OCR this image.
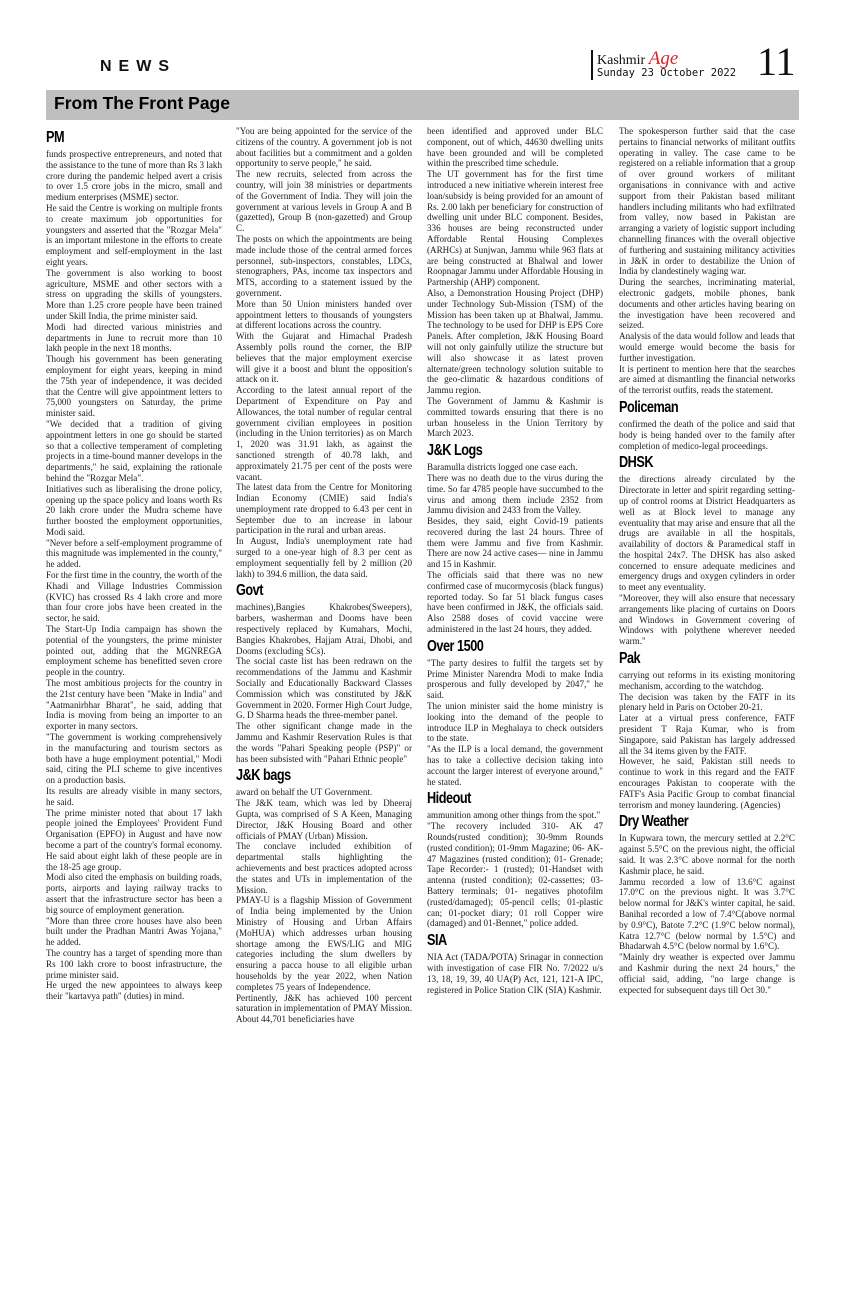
NEWS	Kashmir Age
Sunday 23 October 2022 11
From The Front Page
PM

funds prospective entrepreneurs, and noted that the assistance to the tune of more than Rs 3 lakh crore during the pandemic helped avert a crisis to over 1.5 crore jobs in the micro, small and medium enterprises (MSME) sector.

He said the Centre is working on multiple fronts to create maximum job opportunities for youngsters and asserted that the "Rozgar Mela" is an important milestone in the efforts to create employment and self-employment in the last eight years.

The government is also working to boost agriculture, MSME and other sectors with a stress on upgrading the skills of youngsters. More than 1.25 crore people have been trained under Skill India, the prime minister said.

Modi had directed various ministries and departments in June to recruit more than 10 lakh people in the next 18 months.

Though his government has been generating employment for eight years, keeping in mind the 75th year of independence, it was decided that the Centre will give appointment letters to 75,000 youngsters on Saturday, the prime minister said.

"We decided that a tradition of giving appointment letters in one go should be started so that a collective temperament of completing projects in a time-bound manner develops in the departments," he said, explaining the rationale behind the "Rozgar Mela".

Initiatives such as liberalising the drone policy, opening up the space policy and loans worth Rs 20 lakh crore under the Mudra scheme have further boosted the employment opportunities, Modi said.

"Never before a self-employment programme of this magnitude was implemented in the county," he added.

For the first time in the country, the worth of the Khadi and Village Industries Commission (KVIC) has crossed Rs 4 lakh crore and more than four crore jobs have been created in the sector, he said.

The Start-Up India campaign has shown the potential of the youngsters, the prime minister pointed out, adding that the MGNREGA employment scheme has benefitted seven crore people in the country.

The most ambitious projects for the country in the 21st century have been "Make in India" and "Aatmanirbhar Bharat", he said, adding that India is moving from being an importer to an exporter in many sectors.

"The government is working comprehensively in the manufacturing and tourism sectors as both have a huge employment potential," Modi said, citing the PLI scheme to give incentives on a production basis.

Its results are already visible in many sectors, he said.

The prime minister noted that about 17 lakh people joined the Employees' Provident Fund Organisation (EPFO) in August and have now become a part of the country's formal economy. He said about eight lakh of these people are in the 18-25 age group.

Modi also cited the emphasis on building roads, ports, airports and laying railway tracks to assert that the infrastructure sector has been a big source of employment generation.

"More than three crore houses have also been built under the Pradhan Mantri Awas Yojana," he added.

The country has a target of spending more than Rs 100 lakh crore to boost infrastructure, the prime minister said.

He urged the new appointees to always keep their "kartavya path" (duties) in mind.

"You are being appointed for the service of the citizens of the country. A government job is not about facilities but a commitment and a golden opportunity to serve people," he said.

The new recruits, selected from across the country, will join 38 ministries or departments of the Government of India. They will join the government at various levels in Group A and B (gazetted), Group B (non-gazetted) and Group C.

The posts on which the appointments are being made include those of the central armed forces personnel, sub-inspectors, constables, LDCs, stenographers, PAs, income tax inspectors and MTS, according to a statement issued by the government.

More than 50 Union ministers handed over appointment letters to thousands of youngsters at different locations across the country.

With the Gujarat and Himachal Pradesh Assembly polls round the corner, the BJP believes that the major employment exercise will give it a boost and blunt the opposition's attack on it.

According to the latest annual report of the Department of Expenditure on Pay and Allowances, the total number of regular central government civilian employees in position (including in the Union territories) as on March 1, 2020 was 31.91 lakh, as against the sanctioned strength of 40.78 lakh, and approximately 21.75 per cent of the posts were vacant.

The latest data from the Centre for Monitoring Indian Economy (CMIE) said India's unemployment rate dropped to 6.43 per cent in September due to an increase in labour participation in the rural and urban areas.

In August, India's unemployment rate had surged to a one-year high of 8.3 per cent as employment sequentially fell by 2 million (20 lakh) to 394.6 million, the data said.

Govt

machines),Bangies Khakrobes(Sweepers), barbers, washerman and Dooms have been respectively replaced by Kumahars, Mochi, Bangies Khakrobes, Hajjam Atrai, Dhobi, and Dooms (excluding SCs).

The social caste list has been redrawn on the recommendations of the Jammu and Kashmir Socially and Educationally Backward Classes Commission which was constituted by J&K Government in 2020. Former High Court Judge, G. D Sharma heads the three-member panel.

The other significant change made in the Jammu and Kashmir Reservation Rules is that the words "Pahari Speaking people (PSP)" or has been subsisted with "Pahari Ethnic people"

J&K bags

award on behalf the UT Government.

The J&K team, which was led by Dheeraj Gupta, was comprised of S A Keen, Managing Director, J&K Housing Board and other officials of PMAY (Urban) Mission.

The conclave included exhibition of departmental stalls highlighting the achievements and best practices adopted across the states and UTs in implementation of the Mission.

PMAY-U is a flagship Mission of Government of India being implemented by the Union Ministry of Housing and Urban Affairs (MoHUA) which addresses urban housing shortage among the EWS/LIG and MIG categories including the slum dwellers by ensuring a pacca house to all eligible urban households by the year 2022, when Nation completes 75 years of Independence.

Pertinently, J&K has achieved 100 percent saturation in implementation of PMAY Mission. About 44,701 beneficiaries have

been identified and approved under BLC component, out of which, 44630 dwelling units have been grounded and will be completed within the prescribed time schedule.

The UT government has for the first time introduced a new initiative wherein interest free loan/subsidy is being provided for an amount of Rs. 2.00 lakh per beneficiary for construction of dwelling unit under BLC component. Besides, 336 houses are being reconstructed under Affordable Rental Housing Complexes (ARHCs) at Sunjwan, Jammu while 963 flats at are being constructed at Bhalwal and lower Roopnagar Jammu under Affordable Housing in Partnership (AHP) component.

Also, a Demonstration Housing Project (DHP) under Technology Sub-Mission (TSM) of the Mission has been taken up at Bhalwal, Jammu. The technology to be used for DHP is EPS Core Panels. After completion, J&K Housing Board will not only gainfully utilize the structure but will also showcase it as latest proven alternate/green technology solution suitable to the geo-climatic & hazardous conditions of Jammu region.

The Government of Jammu & Kashmir is committed towards ensuring that there is no urban houseless in the Union Territory by March 2023.

J&K Logs

Baramulla districts logged one case each.

There was no death due to the virus during the time. So far 4785 people have succumbed to the virus and among them include 2352 from Jammu division and 2433 from the Valley.

Besides, they said, eight Covid-19 patients recovered during the last 24 hours. Three of them were Jammu and five from Kashmir. There are now 24 active cases— nine in Jammu and 15 in Kashmir.

The officials said that there was no new confirmed case of mucormycosis (black fungus) reported today. So far 51 black fungus cases have been confirmed in J&K, the officials said. Also 2588 doses of covid vaccine were administered in the last 24 hours, they added.

Over 1500

"The party desires to fulfil the targets set by Prime Minister Narendra Modi to make India prosperous and fully developed by 2047," he said.

The union minister said the home ministry is looking into the demand of the people to introduce ILP in Meghalaya to check outsiders to the state.

"As the ILP is a local demand, the government has to take a collective decision taking into account the larger interest of everyone around," he stated.

Hideout

ammunition among other things from the spot."

"The recovery included 310- AK 47 Rounds(rusted condition); 30-9mm Rounds (rusted condition); 01-9mm Magazine; 06- AK-47 Magazines (rusted condition); 01- Grenade; Tape Recorder:- 1 (rusted); 01-Handset with antenna (rusted condition); 02-cassettes; 03-Battery terminals; 01- negatives photofilm (rusted/damaged); 05-pencil cells; 01-plastic can; 01-pocket diary; 01 roll Copper wire (damaged) and 01-Bennet," police added.

SIA

NIA Act (TADA/POTA) Srinagar in connection with investigation of case FIR No. 7/2022 u/s 13, 18, 19, 39, 40 UA(P) Act, 121, 121-A IPC, registered in Police Station CIK (SIA) Kashmir.

The spokesperson further said that the case pertains to financial networks of militant outfits operating in valley. The case came to be registered on a reliable information that a group of over ground workers of militant organisations in connivance with and active support from their Pakistan based militant handlers including militants who had exfiltrated from valley, now based in Pakistan are arranging a variety of logistic support including channelling finances with the overall objective of furthering and sustaining militancy activities in J&K in order to destabilize the Union of India by clandestinely waging war.

During the searches, incriminating material, electronic gadgets, mobile phones, bank documents and other articles having bearing on the investigation have been recovered and seized.

Analysis of the data would follow and leads that would emerge would become the basis for further investigation.

It is pertinent to mention here that the searches are aimed at dismantling the financial networks of the terrorist outfits, reads the statement.

Policeman

confirmed the death of the police and said that body is being handed over to the family after completion of medico-legal proceedings.

DHSK

the directions already circulated by the Directorate in letter and spirit regarding setting-up of control rooms at District Headquarters as well as at Block level to manage any eventuality that may arise and ensure that all the drugs are available in all the hospitals, availability of doctors & Paramedical staff in the hospital 24x7. The DHSK has also asked concerned to ensure adequate medicines and emergency drugs and oxygen cylinders in order to meet any eventuality.

"Moreover, they will also ensure that necessary arrangements like placing of curtains on Doors and Windows in Government covering of Windows with polythene wherever needed warm."

Pak

carrying out reforms in its existing monitoring mechanism, according to the watchdog.

The decision was taken by the FATF in its plenary held in Paris on October 20-21.

Later at a virtual press conference, FATF president T Raja Kumar, who is from Singapore, said Pakistan has largely addressed all the 34 items given by the FATF.

However, he said, Pakistan still needs to continue to work in this regard and the FATF encourages Pakistan to cooperate with the FATF's Asia Pacific Group to combat financial terrorism and money laundering. (Agencies)

Dry Weather

In Kupwara town, the mercury settled at 2.2°C against 5.5°C on the previous night, the official said. It was 2.3°C above normal for the north Kashmir place, he said.

Jammu recorded a low of 13.6°C against 17.0°C on the previous night. It was 3.7°C below normal for J&K's winter capital, he said. Banihal recorded a low of 7.4°C(above normal by 0.9°C), Batote 7.2°C (1.9°C below normal), Katra 12.7°C (below normal by 1.5°C) and Bhadarwah 4.5°C (below normal by 1.6°C).

"Mainly dry weather is expected over Jammu and Kashmir during the next 24 hours," the official said, adding, "no large change is expected for subsequent days till Oct 30."
